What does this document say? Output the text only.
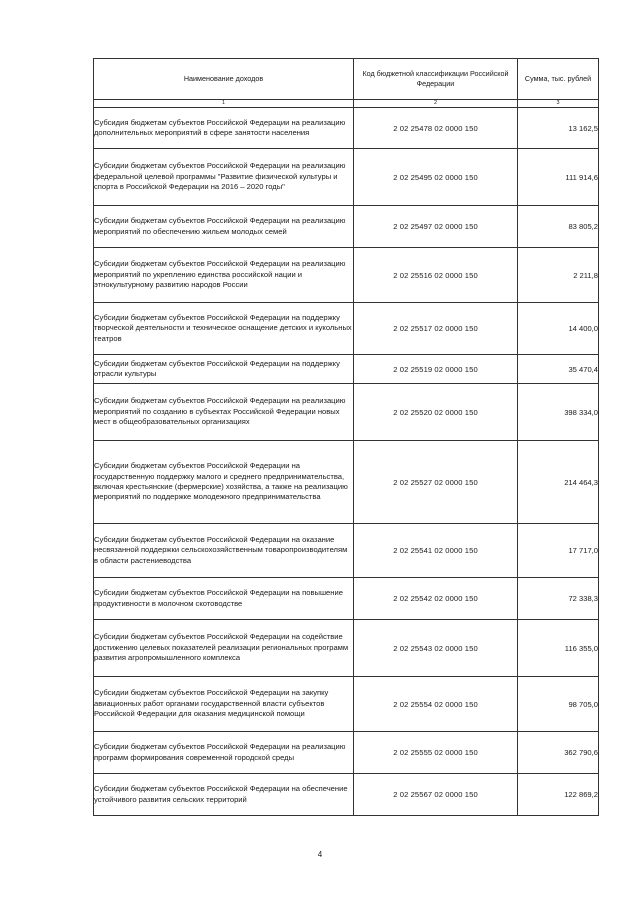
Наименование доходов	Код бюджетной классификации Российской Федерации	Сумма, тыс. рублей
1	2	3
Субсидия бюджетам субъектов Российской Федерации на реализацию дополнительных мероприятий в сфере занятости населения	2 02 25478 02 0000 150	13 162,5
Субсидии бюджетам субъектов Российской Федерации на реализацию федеральной целевой программы "Развитие физической культуры и спорта в Российской Федерации на 2016 – 2020 годы"	2 02 25495 02 0000 150	111 914,6
Субсидии бюджетам субъектов Российской Федерации на реализацию мероприятий по обеспечению жильем молодых семей	2 02 25497 02 0000 150	83 805,2
Субсидии бюджетам субъектов Российской Федерации на реализацию мероприятий по укреплению единства российской нации и этнокультурному развитию народов России	2 02 25516 02 0000 150	2 211,8
Субсидии бюджетам субъектов Российской Федерации на поддержку творческой деятельности и техническое оснащение детских и кукольных театров	2 02 25517 02 0000 150	14 400,0
Субсидии бюджетам субъектов Российской Федерации на поддержку отрасли культуры	2 02 25519 02 0000 150	35 470,4
Субсидии бюджетам субъектов Российской Федерации на реализацию мероприятий по созданию в субъектах Российской Федерации новых мест в общеобразовательных организациях	2 02 25520 02 0000 150	398 334,0
Субсидии бюджетам субъектов Российской Федерации на государственную поддержку малого и среднего предпринимательства, включая крестьянские (фермерские) хозяйства, а также на реализацию мероприятий по поддержке молодежного предпринимательства	2 02 25527 02 0000 150	214 464,3
Субсидии бюджетам субъектов Российской Федерации на оказание несвязанной поддержки сельскохозяйственным товаропроизводителям в области растениеводства	2 02 25541 02 0000 150	17 717,0
Субсидии бюджетам субъектов Российской Федерации на повышение продуктивности в молочном скотоводстве	2 02 25542 02 0000 150	72 338,3
Субсидии бюджетам субъектов Российской Федерации на содействие достижению целевых показателей реализации региональных программ развития агропромышленного комплекса	2 02 25543 02 0000 150	116 355,0
Субсидии бюджетам субъектов Российской Федерации на закупку авиационных работ органами государственной власти субъектов Российской Федерации для оказания медицинской помощи	2 02 25554 02 0000 150	98 705,0
Субсидии бюджетам субъектов Российской Федерации на реализацию программ формирования современной городской среды	2 02 25555 02 0000 150	362 790,6
Субсидии бюджетам субъектов Российской Федерации на обеспечение устойчивого развития сельских территорий	2 02 25567 02 0000 150	122 869,2
4
